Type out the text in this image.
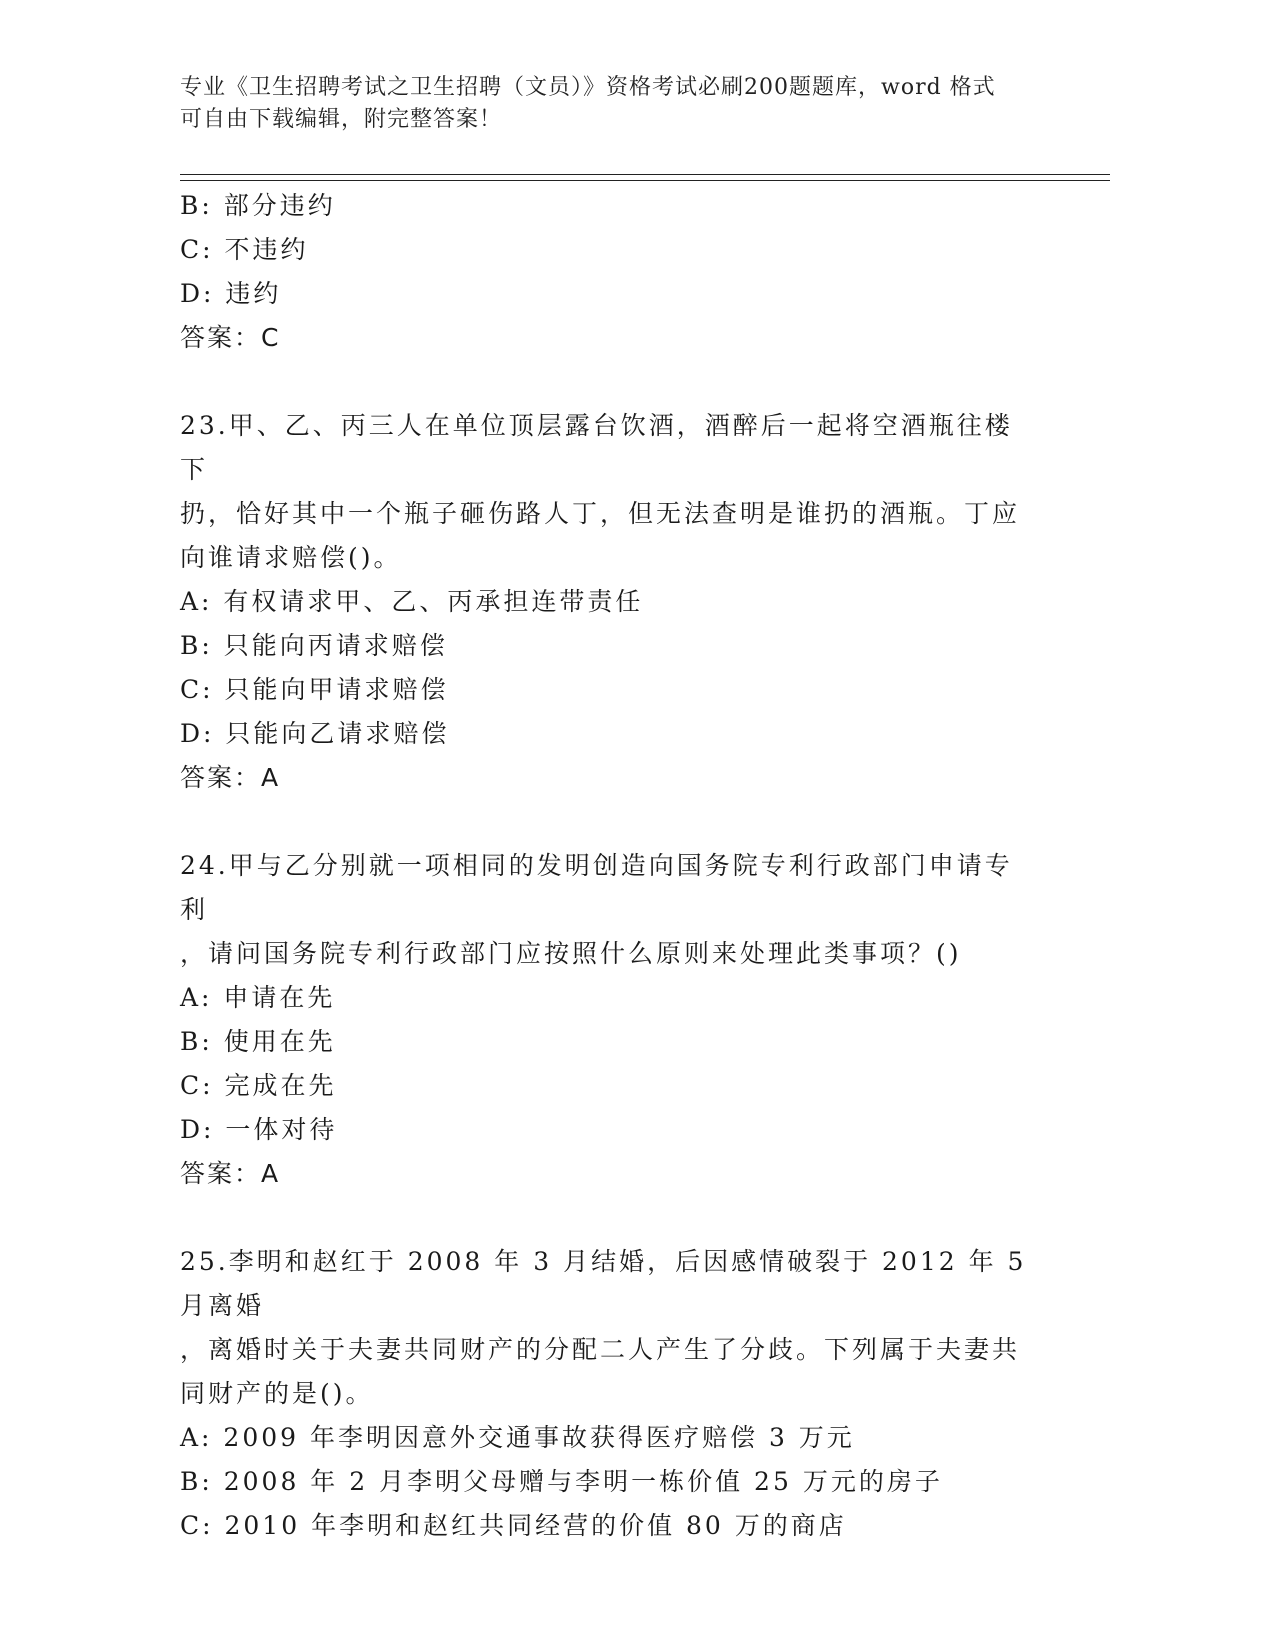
专业《卫生招聘考试之卫生招聘（文员）》资格考试必刷200题题库，word 格式
可自由下载编辑，附完整答案！
B: 部分违约
C: 不违约
D: 违约
答案：C
23.甲、乙、丙三人在单位顶层露台饮酒，酒醉后一起将空酒瓶往楼下
扔，恰好其中一个瓶子砸伤路人丁，但无法查明是谁扔的酒瓶。丁应
向谁请求赔偿()。
A: 有权请求甲、乙、丙承担连带责任
B: 只能向丙请求赔偿
C: 只能向甲请求赔偿
D: 只能向乙请求赔偿
答案：A
24.甲与乙分别就一项相同的发明创造向国务院专利行政部门申请专利
，请问国务院专利行政部门应按照什么原则来处理此类事项？()
A: 申请在先
B: 使用在先
C: 完成在先
D: 一体对待
答案：A
25.李明和赵红于 2008 年 3 月结婚，后因感情破裂于 2012 年 5 月离婚
，离婚时关于夫妻共同财产的分配二人产生了分歧。下列属于夫妻共
同财产的是()。
A: 2009 年李明因意外交通事故获得医疗赔偿 3 万元
B: 2008 年 2 月李明父母赠与李明一栋价值 25 万元的房子
C: 2010 年李明和赵红共同经营的价值 80 万的商店
